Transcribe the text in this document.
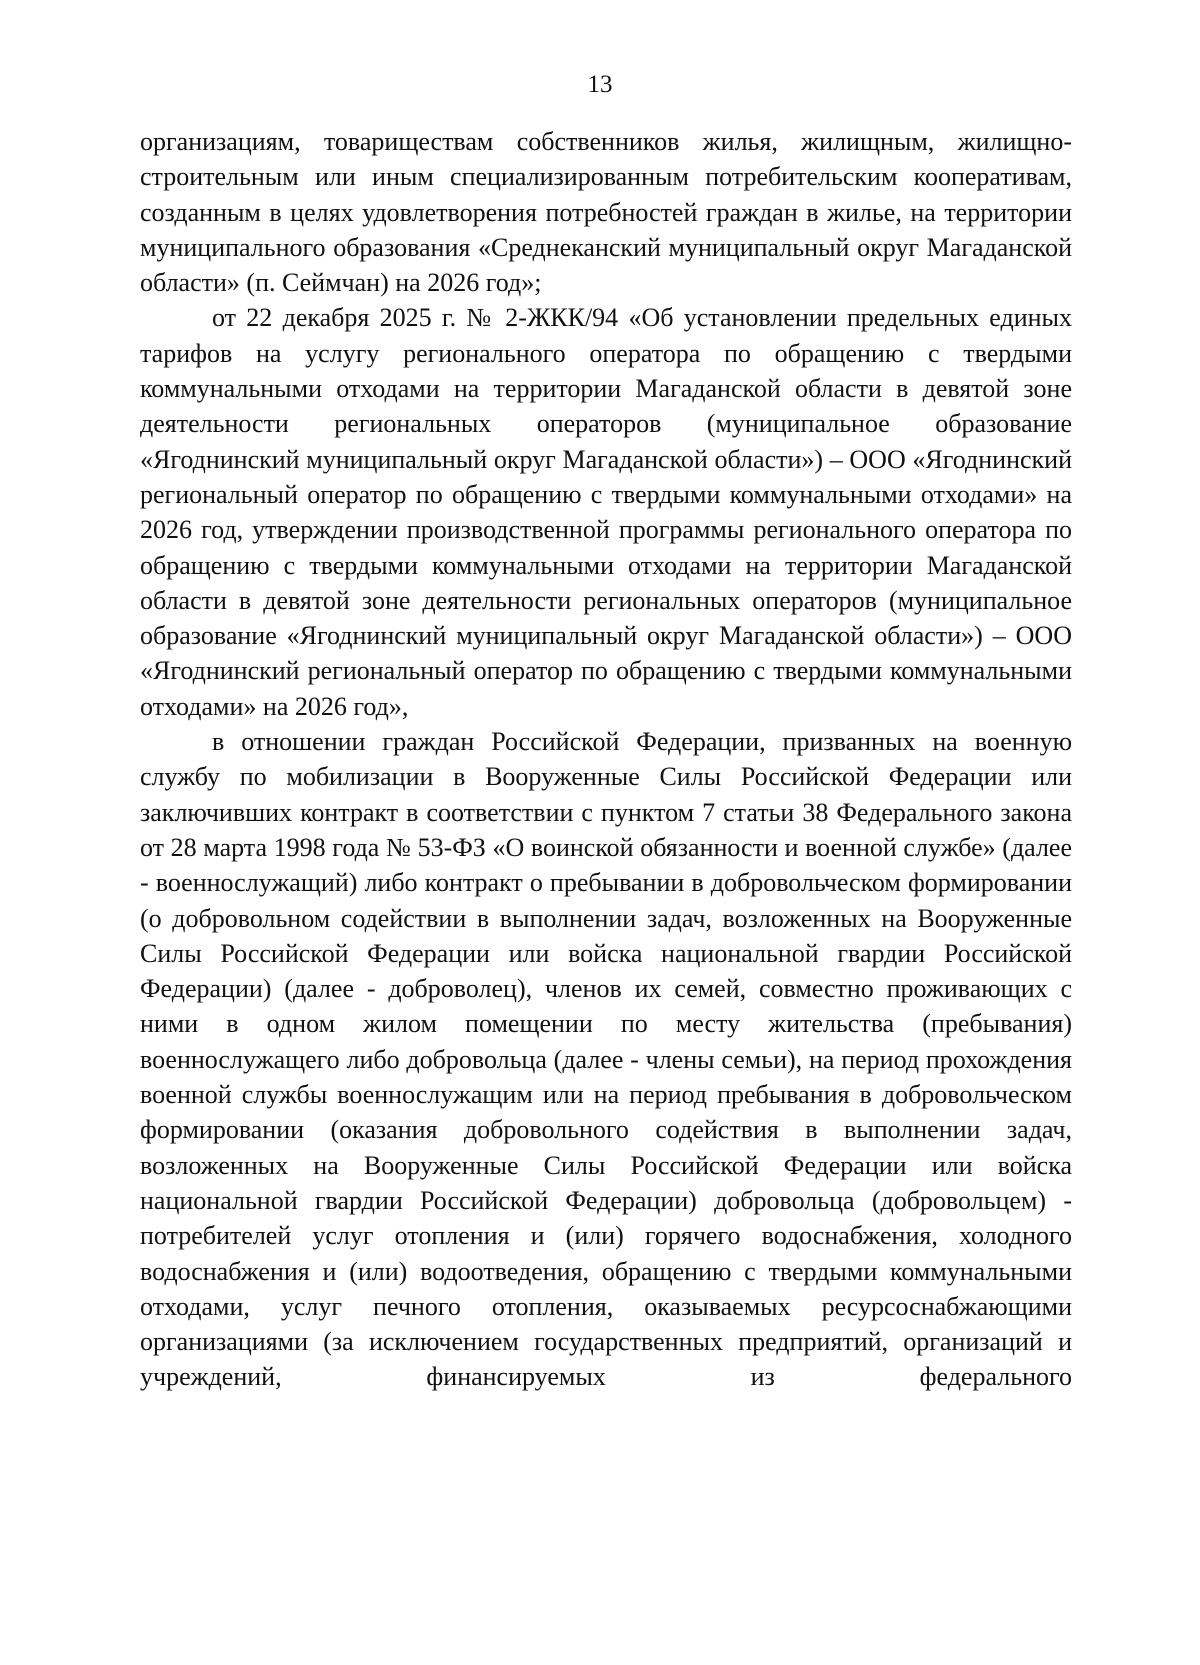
13

организациям, товариществам собственников жилья, жилищным, жилищно-строительным или иным специализированным потребительским кооперативам, созданным в целях удовлетворения потребностей граждан в жилье, на территории муниципального образования «Среднеканский муниципальный округ Магаданской области» (п. Сеймчан) на 2026 год»;

от 22 декабря 2025 г. № 2-ЖКК/94 «Об установлении предельных единых тарифов на услугу регионального оператора по обращению с твердыми коммунальными отходами на территории Магаданской области в девятой зоне деятельности региональных операторов (муниципальное образование «Ягоднинский муниципальный округ Магаданской области») – ООО «Ягоднинский региональный оператор по обращению с твердыми коммунальными отходами» на 2026 год, утверждении производственной программы регионального оператора по обращению с твердыми коммунальными отходами на территории Магаданской области в девятой зоне деятельности региональных операторов (муниципальное образование «Ягоднинский муниципальный округ Магаданской области») – ООО «Ягоднинский региональный оператор по обращению с твердыми коммунальными отходами» на 2026 год»,

в отношении граждан Российской Федерации, призванных на военную службу по мобилизации в Вооруженные Силы Российской Федерации или заключивших контракт в соответствии с пунктом 7 статьи 38 Федерального закона от 28 марта 1998 года № 53-ФЗ «О воинской обязанности и военной службе» (далее - военнослужащий) либо контракт о пребывании в добровольческом формировании (о добровольном содействии в выполнении задач, возложенных на Вооруженные Силы Российской Федерации или войска национальной гвардии Российской Федерации) (далее - доброволец), членов их семей, совместно проживающих с ними в одном жилом помещении по месту жительства (пребывания) военнослужащего либо добровольца (далее - члены семьи), на период прохождения военной службы военнослужащим или на период пребывания в добровольческом формировании (оказания добровольного содействия в выполнении задач, возложенных на Вооруженные Силы Российской Федерации или войска национальной гвардии Российской Федерации) добровольца (добровольцем) - потребителей услуг отопления и (или) горячего водоснабжения, холодного водоснабжения и (или) водоотведения, обращению с твердыми коммунальными отходами, услуг печного отопления, оказываемых ресурсоснабжающими организациями (за исключением государственных предприятий, организаций и учреждений, финансируемых из федерального
